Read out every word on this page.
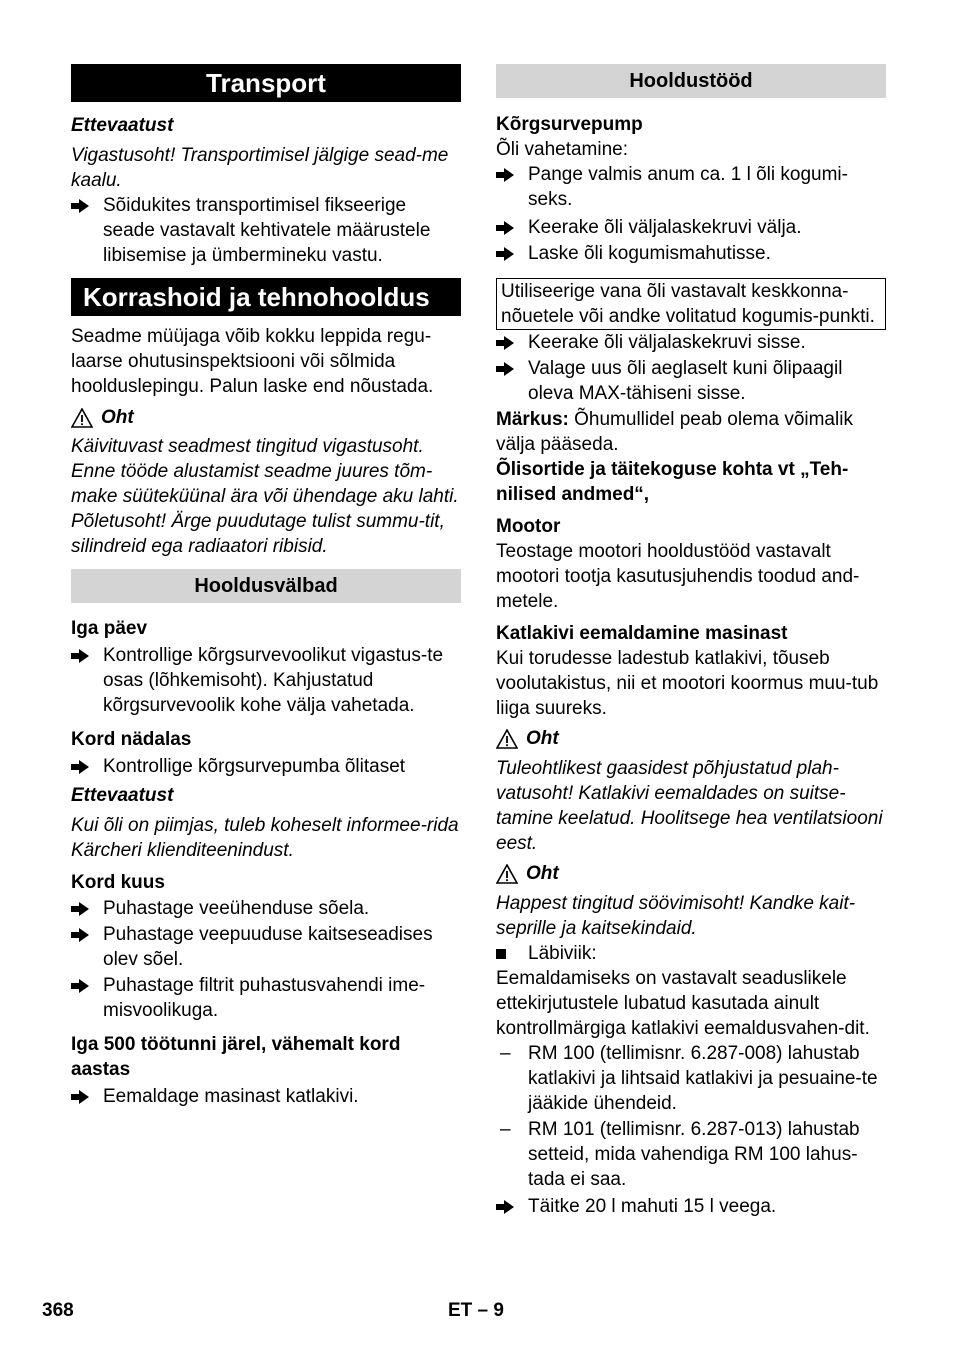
Transport

Ettevaatust

Vigastusoht! Transportimisel jälgige sead-me kaalu.

Sõidukites transportimisel fikseerige seade vastavalt kehtivatele määrustele libisemise ja ümbermineku vastu.
Korrashoid ja tehnohooldus

Seadme müüjaga võib kokku leppida regu-laarse ohutusinspektsiooni või sõlmida hoolduslepingu. Palun laske end nõustada.

Oht

Käivituvast seadmest tingitud vigastusoht. Enne tööde alustamist seadme juures tõm-make süüteküünal ära või ühendage aku lahti.

Põletusoht! Ärge puudutage tulist summu-tit, silindreid ega radiaatori ribisid.

Hooldusvälbad

Iga päev

Kontrollige kõrgsurvevoolikut vigastus-te osas (lõhkemisoht). Kahjustatud kõrgsurvevoolik kohe välja vahetada.

Kord nädalas

Kontrollige kõrgsurvepumba õlitaset

Ettevaatust

Kui õli on piimjas, tuleb koheselt informee-rida Kärcheri klienditeenindust.

Kord kuus

Puhastage veeühenduse sõela.
Puhastage veepuuduse kaitseseadises olev sõel.
Puhastage filtrit puhastusvahendi ime-misvoolikuga.

Iga 500 töötunni järel, vähemalt kord aastas

Eemaldage masinast katlakivi.
Hooldustööd

Kõrgsurvepump

Õli vahetamine:

Pange valmis anum ca. 1 l õli kogumi-seks.
Keerake õli väljalaskekruvi välja.
Laske õli kogumismahutisse.
Utiliseerige vana õli vastavalt keskkonna-nõuetele või andke volitatud kogumis-punkti.
Keerake õli väljalaskekruvi sisse.
Valage uus õli aeglaselt kuni õlipaagil oleva MAX-tähiseni sisse.

Märkus: Õhumullidel peab olema võimalik välja pääseda.

Õlisortide ja täitekoguse kohta vt „Teh-nilised andmed“,

Mootor

Teostage mootori hooldustööd vastavalt mootori tootja kasutusjuhendis toodud and-metele.

Katlakivi eemaldamine masinast

Kui torudesse ladestub katlakivi, tõuseb voolutakistus, nii et mootori koormus muu-tub liiga suureks.

Oht

Tuleohtlikest gaasidest põhjustatud plah-vatusoht! Katlakivi eemaldades on suitse-tamine keelatud. Hoolitsege hea ventilatsiooni eest.

Oht

Happest tingitud söövimisoht! Kandke kait-seprille ja kaitsekindaid.

Läbiviik:

Eemaldamiseks on vastavalt seaduslikele ettekirjutustele lubatud kasutada ainult kontrollmärgiga katlakivi eemaldusvahen-dit.

– RM 100 (tellimisnr. 6.287-008) lahustab katlakivi ja lihtsaid katlakivi ja pesuaine-te jääkide ühendeid.
– RM 101 (tellimisnr. 6.287-013) lahustab setteid, mida vahendiga RM 100 lahus-tada ei saa.
Täitke 20 l mahuti 15 l veega.
368	ET – 9
